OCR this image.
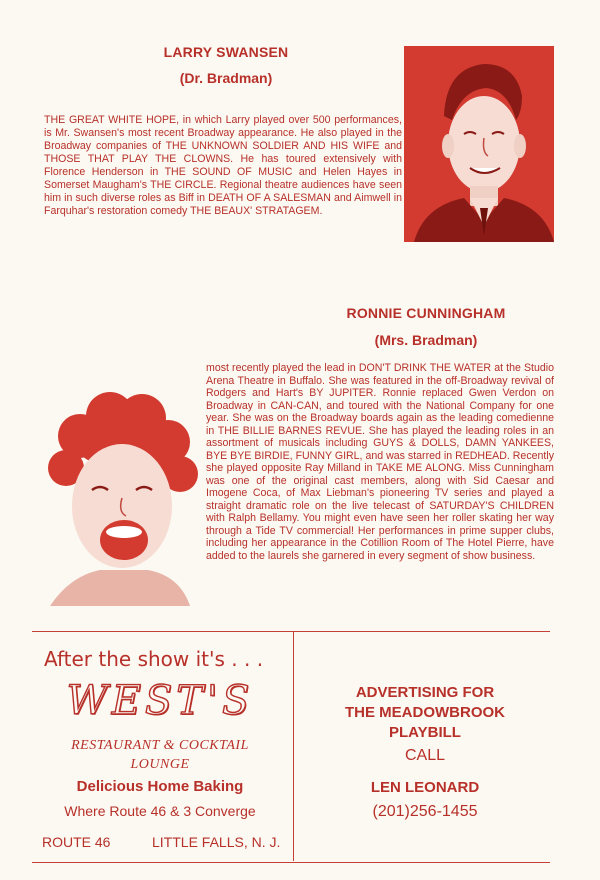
LARRY SWANSEN
(Dr. Bradman)
THE GREAT WHITE HOPE, in which Larry played over 500 performances, is Mr. Swansen's most recent Broadway appearance. He also played in the Broadway companies of THE UNKNOWN SOLDIER AND HIS WIFE and THOSE THAT PLAY THE CLOWNS. He has toured extensively with Florence Henderson in THE SOUND OF MUSIC and Helen Hayes in Somerset Maugham's THE CIRCLE. Regional theatre audiences have seen him in such diverse roles as Biff in DEATH OF A SALESMAN and Aimwell in Farquhar's restoration comedy THE BEAUX' STRATAGEM.
RONNIE CUNNINGHAM
(Mrs. Bradman)
most recently played the lead in DON'T DRINK THE WATER at the Studio Arena Theatre in Buffalo. She was featured in the off-Broadway revival of Rodgers and Hart's BY JUPITER. Ronnie replaced Gwen Verdon on Broadway in CAN-CAN, and toured with the National Company for one year. She was on the Broadway boards again as the leading comedienne in THE BILLIE BARNES REVUE. She has played the leading roles in an assortment of musicals including GUYS & DOLLS, DAMN YANKEES, BYE BYE BIRDIE, FUNNY GIRL, and was starred in REDHEAD. Recently she played opposite Ray Milland in TAKE ME ALONG. Miss Cunningham was one of the original cast members, along with Sid Caesar and Imogene Coca, of Max Liebman's pioneering TV series and played a straight dramatic role on the live telecast of SATURDAY'S CHILDREN with Ralph Bellamy. You might even have seen her roller skating her way through a Tide TV commercial! Her performances in prime supper clubs, including her appearance in the Cotillion Room of The Hotel Pierre, have added to the laurels she garnered in every segment of show business.
After the show it's . . .
WEST'S
RESTAURANT & COCKTAIL
LOUNGE
Delicious Home Baking
Where Route 46 & 3 Converge
ROUTE 46	LITTLE FALLS, N. J.
ADVERTISING FOR
THE MEADOWBROOK
PLAYBILL
CALL
LEN LEONARD
(201)256-1455
